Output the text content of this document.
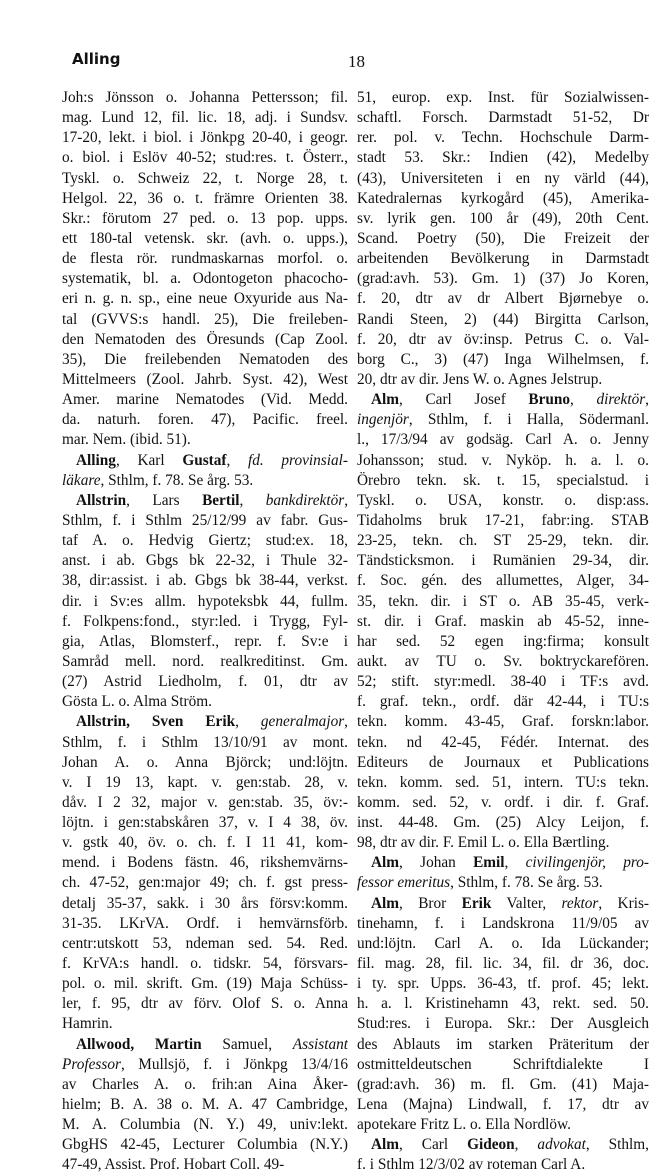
Alling	18
Joh:s Jönsson o. Johanna Pettersson; fil.
mag. Lund 12, fil. lic. 18, adj. i Sundsv.
17-20, lekt. i biol. i Jönkpg 20-40, i geogr.
o. biol. i Eslöv 40-52; stud:res. t. Österr.,
Tyskl. o. Schweiz 22, t. Norge 28, t.
Helgol. 22, 36 o. t. främre Orienten 38.
Skr.: förutom 27 ped. o. 13 pop. upps.
ett 180-tal vetensk. skr. (avh. o. upps.),
de flesta rör. rundmaskarnas morfol. o.
systematik, bl. a. Odontogeton phacocho-
eri n. g. n. sp., eine neue Oxyuride aus Na-
tal (GVVS:s handl. 25), Die freileben-
den Nematoden des Öresunds (Cap Zool.
35), Die freilebenden Nematoden des
Mittelmeers (Zool. Jahrb. Syst. 42), West
Amer. marine Nematodes (Vid. Medd.
da. naturh. foren. 47), Pacific. freel.
mar. Nem. (ibid. 51).
Alling, Karl Gustaf, fd. provinsial-
läkare, Sthlm, f. 78. Se årg. 53.
Allstrin, Lars Bertil, bankdirektör,
Sthlm, f. i Sthlm 25/12/99 av fabr. Gus-
taf A. o. Hedvig Giertz; stud:ex. 18,
anst. i ab. Gbgs bk 22-32, i Thule 32-
38, dir:assist. i ab. Gbgs bk 38-44, verkst.
dir. i Sv:es allm. hypoteksbk 44, fullm.
f. Folkpens:fond., styr:led. i Trygg, Fyl-
gia, Atlas, Blomsterf., repr. f. Sv:e i
Samråd mell. nord. realkreditinst. Gm.
(27) Astrid Liedholm, f. 01, dtr av
Gösta L. o. Alma Ström.
Allstrin, Sven Erik, generalmajor,
Sthlm, f. i Sthlm 13/10/91 av mont.
Johan A. o. Anna Björck; und:löjtn.
v. I 19 13, kapt. v. gen:stab. 28, v.
dåv. I 2 32, major v. gen:stab. 35, öv:-
löjtn. i gen:stabskåren 37, v. I 4 38, öv.
v. gstk 40, öv. o. ch. f. I 11 41, kom-
mend. i Bodens fästn. 46, rikshemvärns-
ch. 47-52, gen:major 49; ch. f. gst press-
detalj 35-37, sakk. i 30 års försv:komm.
31-35. LKrVA. Ordf. i hemvärnsförb.
centr:utskott 53, ndeman sed. 54. Red.
f. KrVA:s handl. o. tidskr. 54, försvars-
pol. o. mil. skrift. Gm. (19) Maja Schüss-
ler, f. 95, dtr av förv. Olof S. o. Anna
Hamrin.
Allwood, Martin Samuel, Assistant
Professor, Mullsjö, f. i Jönkpg 13/4/16
av Charles A. o. frih:an Aina Åker-
hielm; B. A. 38 o. M. A. 47 Cambridge,
M. A. Columbia (N. Y.) 49, univ:lekt.
GbgHS 42-45, Lecturer Columbia (N.Y.)
47-49, Assist. Prof. Hobart Coll. 49-
51, europ. exp. Inst. für Sozialwissen-
schaftl. Forsch. Darmstadt 51-52, Dr
rer. pol. v. Techn. Hochschule Darm-
stadt 53. Skr.: Indien (42), Medelby
(43), Universiteten i en ny värld (44),
Katedralernas kyrkogård (45), Amerika-
sv. lyrik gen. 100 år (49), 20th Cent.
Scand. Poetry (50), Die Freizeit der
arbeitenden Bevölkerung in Darmstadt
(grad:avh. 53). Gm. 1) (37) Jo Koren,
f. 20, dtr av dr Albert Bjørnebye o.
Randi Steen, 2) (44) Birgitta Carlson,
f. 20, dtr av öv:insp. Petrus C. o. Val-
borg C., 3) (47) Inga Wilhelmsen, f.
20, dtr av dir. Jens W. o. Agnes Jelstrup.
Alm, Carl Josef Bruno, direktör,
ingenjör, Sthlm, f. i Halla, Södermanl.
l., 17/3/94 av godsäg. Carl A. o. Jenny
Johansson; stud. v. Nyköp. h. a. l. o.
Örebro tekn. sk. t. 15, specialstud. i
Tyskl. o. USA, konstr. o. disp:ass.
Tidaholms bruk 17-21, fabr:ing. STAB
23-25, tekn. ch. ST 25-29, tekn. dir.
Tändsticksmon. i Rumänien 29-34, dir.
f. Soc. gén. des allumettes, Alger, 34-
35, tekn. dir. i ST o. AB 35-45, verk-
st. dir. i Graf. maskin ab 45-52, inne-
har sed. 52 egen ing:firma; konsult
aukt. av TU o. Sv. boktryckarefören.
52; stift. styr:medl. 38-40 i TF:s avd.
f. graf. tekn., ordf. där 42-44, i TU:s
tekn. komm. 43-45, Graf. forskn:labor.
tekn. nd 42-45, Fédér. Internat. des
Editeurs de Journaux et Publications
tekn. komm. sed. 51, intern. TU:s tekn.
komm. sed. 52, v. ordf. i dir. f. Graf.
inst. 44-48. Gm. (25) Alcy Leijon, f.
98, dtr av dir. F. Emil L. o. Ella Bærtling.
Alm, Johan Emil, civilingenjör, pro-
fessor emeritus, Sthlm, f. 78. Se årg. 53.
Alm, Bror Erik Valter, rektor, Kris-
tinehamn, f. i Landskrona 11/9/05 av
und:löjtn. Carl A. o. Ida Lückander;
fil. mag. 28, fil. lic. 34, fil. dr 36, doc.
i ty. spr. Upps. 36-43, tf. prof. 45; lekt.
h. a. l. Kristinehamn 43, rekt. sed. 50.
Stud:res. i Europa. Skr.: Der Ausgleich
des Ablauts im starken Präteritum der
ostmitteldeutschen Schriftdialekte I
(grad:avh. 36) m. fl. Gm. (41) Maja-
Lena (Majna) Lindwall, f. 17, dtr av
apotekare Fritz L. o. Ella Nordlöw.
Alm, Carl Gideon, advokat, Sthlm,
f. i Sthlm 12/3/02 av roteman Carl A.
